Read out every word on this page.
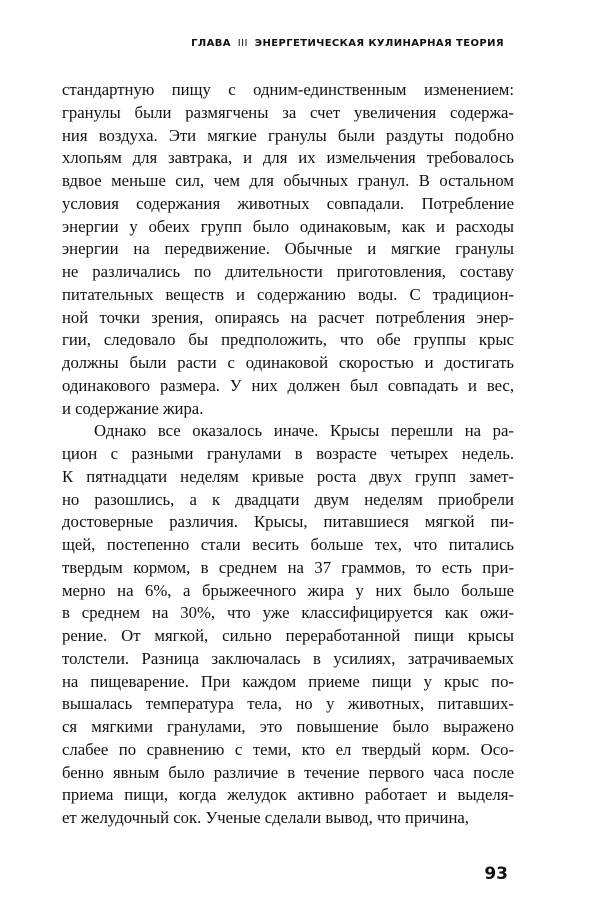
ГЛАВА III ЭНЕРГЕТИЧЕСКАЯ КУЛИНАРНАЯ ТЕОРИЯ
стандартную пищу с одним-единственным изменением:
гранулы были размягчены за счет увеличения содержа-
ния воздуха. Эти мягкие гранулы были раздуты подобно
хлопьям для завтрака, и для их измельчения требовалось
вдвое меньше сил, чем для обычных гранул. В остальном
условия содержания животных совпадали. Потребление
энергии у обеих групп было одинаковым, как и расходы
энергии на передвижение. Обычные и мягкие гранулы
не различались по длительности приготовления, составу
питательных веществ и содержанию воды. С традицион-
ной точки зрения, опираясь на расчет потребления энер-
гии, следовало бы предположить, что обе группы крыс
должны были расти с одинаковой скоростью и достигать
одинакового размера. У них должен был совпадать и вес,
и содержание жира.
Однако все оказалось иначе. Крысы перешли на ра-
цион с разными гранулами в возрасте четырех недель.
К пятнадцати неделям кривые роста двух групп замет-
но разошлись, а к двадцати двум неделям приобрели
достоверные различия. Крысы, питавшиеся мягкой пи-
щей, постепенно стали весить больше тех, что питались
твердым кормом, в среднем на 37 граммов, то есть при-
мерно на 6%, а брыжеечного жира у них было больше
в среднем на 30%, что уже классифицируется как ожи-
рение. От мягкой, сильно переработанной пищи крысы
толстели. Разница заключалась в усилиях, затрачиваемых
на пищеварение. При каждом приеме пищи у крыс по-
вышалась температура тела, но у животных, питавших-
ся мягкими гранулами, это повышение было выражено
слабее по сравнению с теми, кто ел твердый корм. Осо-
бенно явным было различие в течение первого часа после
приема пищи, когда желудок активно работает и выделя-
ет желудочный сок. Ученые сделали вывод, что причина,
93
